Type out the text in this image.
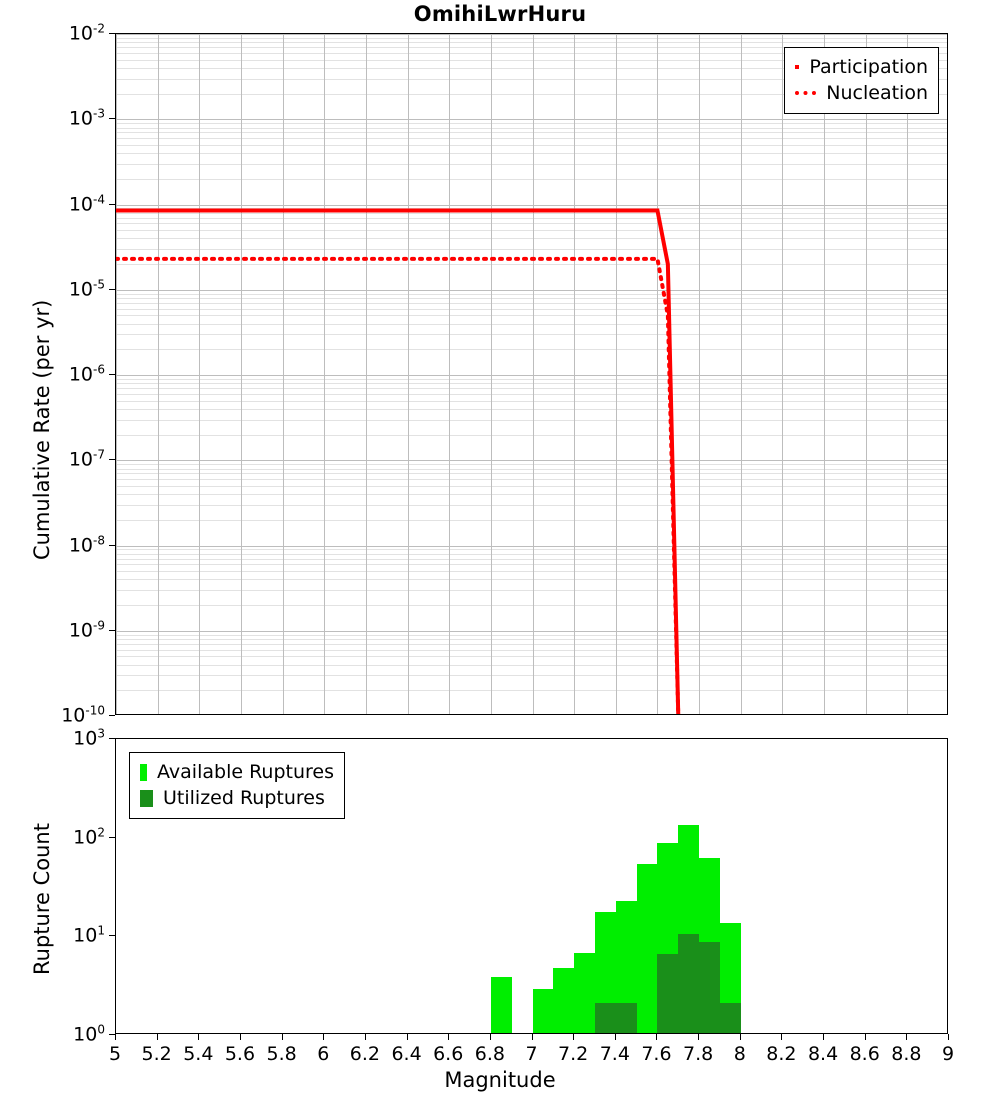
OmihiLwrHuru
$10^{-2}$
$10^{-3}$
$10^{-4}$
$10^{-5}$
$10^{-6}$
$10^{-7}$
$10^{-8}$
$10^{-9}$
$10^{-10}$
Cumulative Rate (per yr)
Participation
Nucleation
$10^3$
$10^2$
$10^1$
$10^0$
5 5.2 5.4 5.6 5.8 6 6.2 6.4 6.6 6.8 7 7.2 7.4 7.6 7.8 8 8.2 8.4 8.6 8.8 9
Rupture Count
Magnitude
Available Ruptures
Utilized Ruptures
